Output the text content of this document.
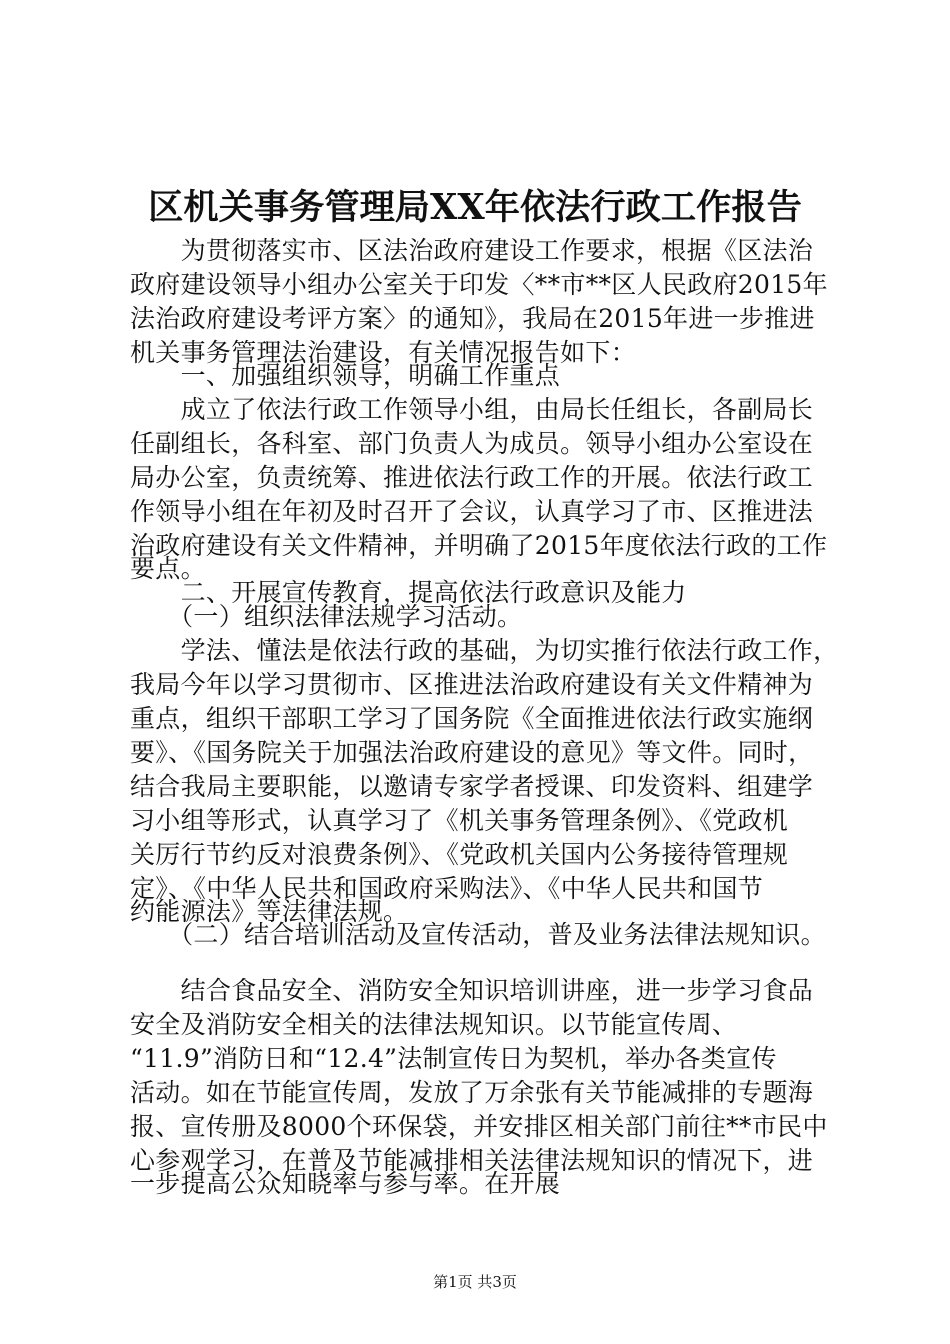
区机关事务管理局XX年依法行政工作报告
　　为贯彻落实市、区法治政府建设工作要求，根据《区法治
政府建设领导小组办公室关于印发〈**市**区人民政府2015年
法治政府建设考评方案〉的通知》，我局在2015年进一步推进
机关事务管理法治建设，有关情况报告如下：
　　一、加强组织领导，明确工作重点
　　成立了依法行政工作领导小组，由局长任组长，各副局长
任副组长，各科室、部门负责人为成员。领导小组办公室设在
局办公室，负责统筹、推进依法行政工作的开展。依法行政工
作领导小组在年初及时召开了会议，认真学习了市、区推进法
治政府建设有关文件精神，并明确了2015年度依法行政的工作
要点。
　　二、开展宣传教育，提高依法行政意识及能力
　　（一）组织法律法规学习活动。
　　学法、懂法是依法行政的基础，为切实推行依法行政工作，
我局今年以学习贯彻市、区推进法治政府建设有关文件精神为
重点，组织干部职工学习了国务院《全面推进依法行政实施纲
要》、《国务院关于加强法治政府建设的意见》等文件。同时，
结合我局主要职能，以邀请专家学者授课、印发资料、组建学
习小组等形式，认真学习了《机关事务管理条例》、《党政机
关厉行节约反对浪费条例》、《党政机关国内公务接待管理规
定》、《中华人民共和国政府采购法》、《中华人民共和国节
约能源法》等法律法规。
　　（二）结合培训活动及宣传活动，普及业务法律法规知识。
　　结合食品安全、消防安全知识培训讲座，进一步学习食品
安全及消防安全相关的法律法规知识。以节能宣传周、
“11.9”消防日和“12.4”法制宣传日为契机，举办各类宣传
活动。如在节能宣传周，发放了万余张有关节能减排的专题海
报、宣传册及8000个环保袋，并安排区相关部门前往**市民中
心参观学习，在普及节能减排相关法律法规知识的情况下，进
一步提高公众知晓率与参与率。在开展
第1页 共3页
